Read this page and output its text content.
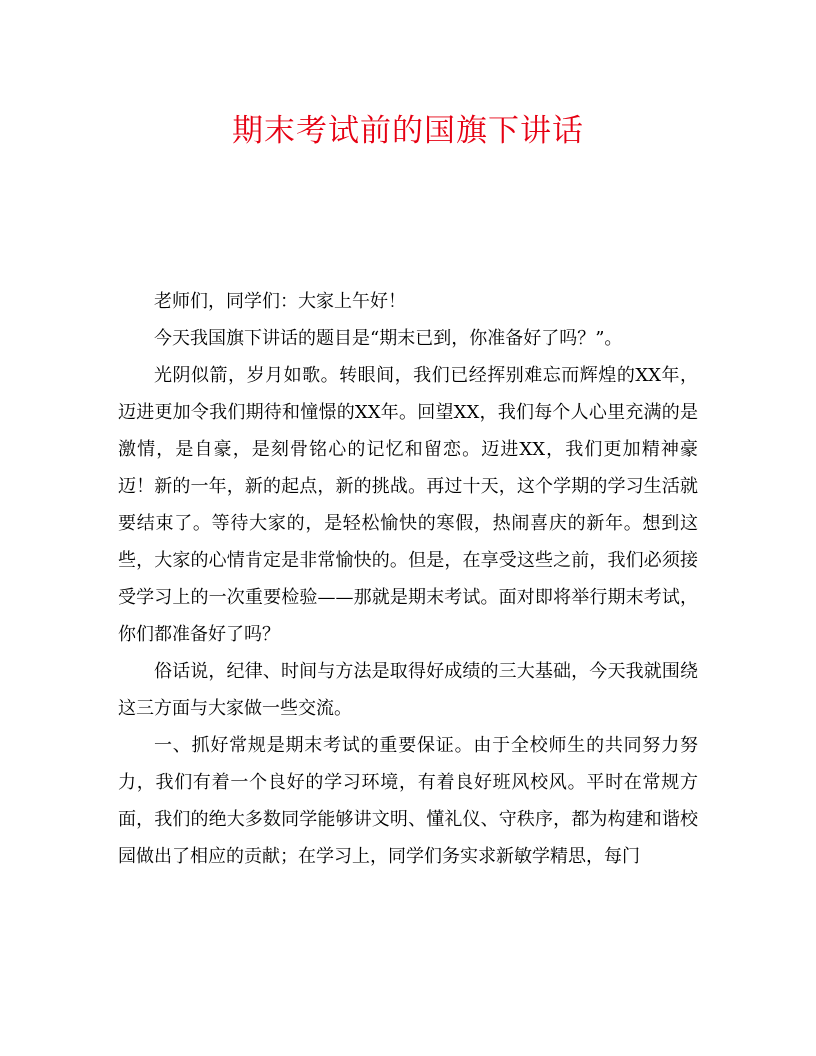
期末考试前的国旗下讲话

老师们，同学们：大家上午好！

今天我国旗下讲话的题目是“期末已到，你准备好了吗？”。

光阴似箭，岁月如歌。转眼间，我们已经挥别难忘而辉煌的XX年，迈进更加令我们期待和憧憬的XX年。回望XX，我们每个人心里充满的是激情，是自豪，是刻骨铭心的记忆和留恋。迈进XX，我们更加精神豪迈！新的一年，新的起点，新的挑战。再过十天，这个学期的学习生活就要结束了。等待大家的，是轻松愉快的寒假，热闹喜庆的新年。想到这些，大家的心情肯定是非常愉快的。但是，在享受这些之前，我们必须接受学习上的一次重要检验——那就是期末考试。面对即将举行期末考试，你们都准备好了吗？

俗话说，纪律、时间与方法是取得好成绩的三大基础，今天我就围绕这三方面与大家做一些交流。

一、抓好常规是期末考试的重要保证。由于全校师生的共同努力努力，我们有着一个良好的学习环境，有着良好班风校风。平时在常规方面，我们的绝大多数同学能够讲文明、懂礼仪、守秩序，都为构建和谐校园做出了相应的贡献；在学习上，同学们务实求新敏学精思，每门
